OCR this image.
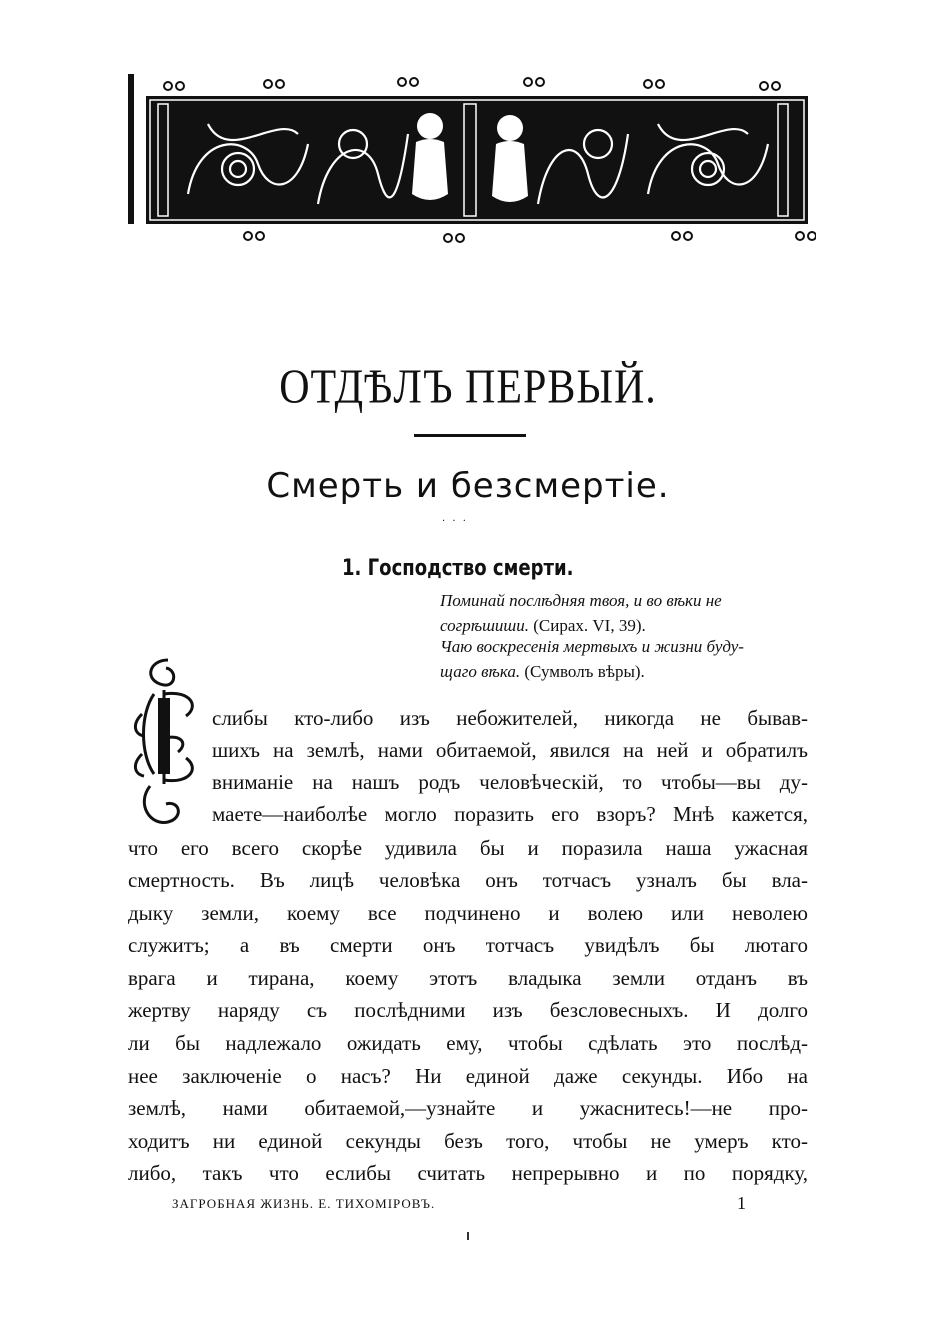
ОТДѢЛЪ ПЕРВЫЙ.
Смерть и безсмертіе.
· · ·
1. Господство смерти.
Поминай послѣдняя твоя, и во вѣки не
согрѣшиши. (Сирах. VI, 39).
Чаю воскресенія мертвыхъ и жизни буду-
щаго вѣка. (Сумволъ вѣры).
слибы кто-либо изъ небожителей, никогда не бывав-
шихъ на землѣ, нами обитаемой, явился на ней и обратилъ
вниманіе на нашъ родъ человѣческій, то чтобы—вы ду-
маете—наиболѣе могло поразить его взоръ? Мнѣ кажется,
что его всего скорѣе удивила бы и поразила наша ужасная
смертность. Въ лицѣ человѣка онъ тотчасъ узналъ бы вла-
дыку земли, коему все подчинено и волею или неволею
служитъ; а въ смерти онъ тотчасъ увидѣлъ бы лютаго
врага и тирана, коему этотъ владыка земли отданъ въ
жертву наряду съ послѣдними изъ безсловесныхъ. И долго
ли бы надлежало ожидать ему, чтобы сдѣлать это послѣд-
нее заключеніе о насъ? Ни единой даже секунды. Ибо на
землѣ, нами обитаемой,—узнайте и ужаснитесь!—не про-
ходитъ ни единой секунды безъ того, чтобы не умеръ кто-
либо, такъ что еслибы считать непрерывно и по порядку,
ЗАГРОБНАЯ ЖИЗНЬ. Е. ТИХОМІРОВЪ.	1
